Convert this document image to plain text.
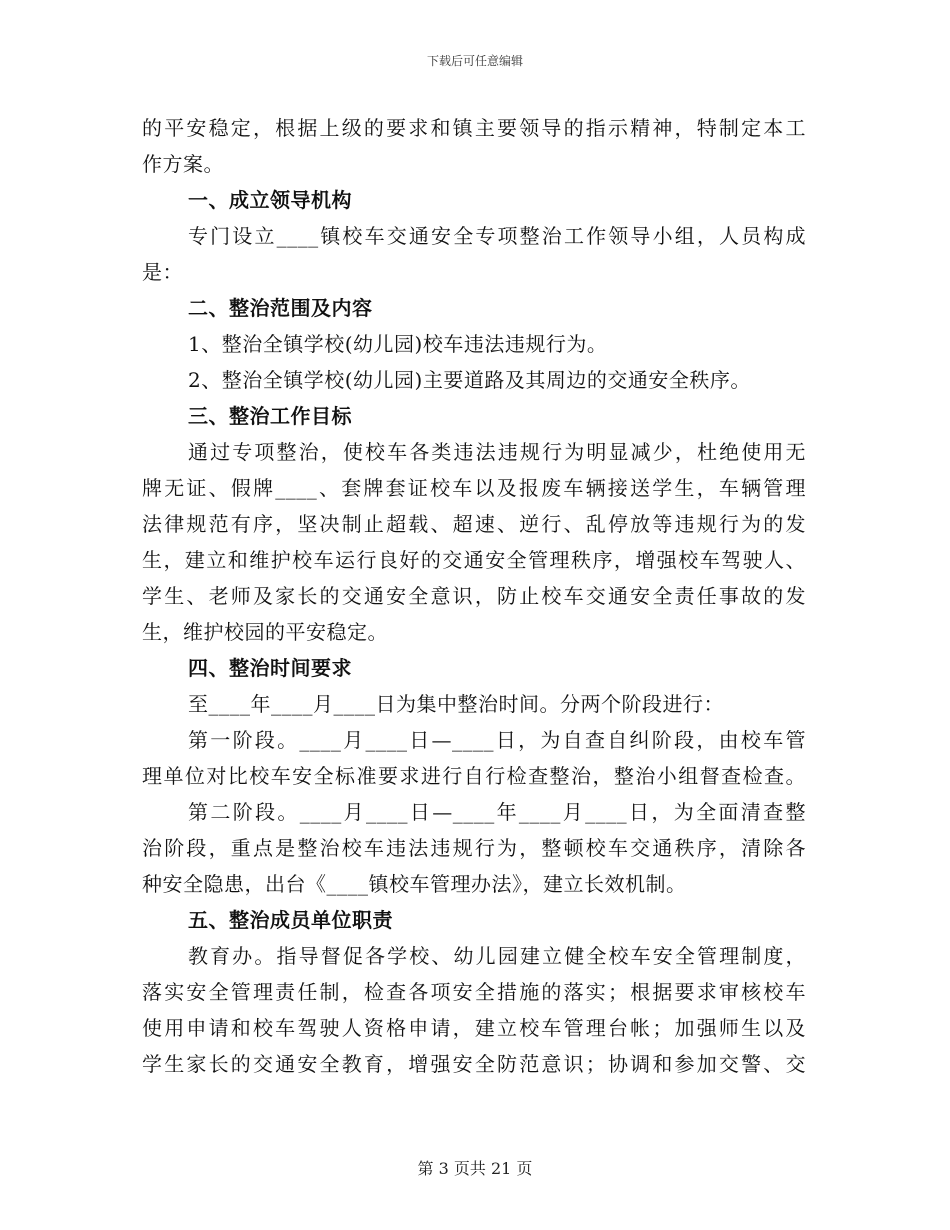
下载后可任意编辑
的平安稳定，根据上级的要求和镇主要领导的指示精神，特制定本工
作方案。
一、成立领导机构
专门设立____镇校车交通安全专项整治工作领导小组，人员构成
是：
二、整治范围及内容
1、整治全镇学校(幼儿园)校车违法违规行为。
2、整治全镇学校(幼儿园)主要道路及其周边的交通安全秩序。
三、整治工作目标
通过专项整治，使校车各类违法违规行为明显减少，杜绝使用无
牌无证、假牌____、套牌套证校车以及报废车辆接送学生，车辆管理
法律规范有序，坚决制止超载、超速、逆行、乱停放等违规行为的发
生，建立和维护校车运行良好的交通安全管理秩序，增强校车驾驶人、
学生、老师及家长的交通安全意识，防止校车交通安全责任事故的发
生，维护校园的平安稳定。
四、整治时间要求
至____年____月____日为集中整治时间。分两个阶段进行：
第一阶段。____月____日—____日，为自查自纠阶段，由校车管
理单位对比校车安全标准要求进行自行检查整治，整治小组督查检查。
第二阶段。____月____日—____年____月____日，为全面清查整
治阶段，重点是整治校车违法违规行为，整顿校车交通秩序，清除各
种安全隐患，出台《____镇校车管理办法》，建立长效机制。
五、整治成员单位职责
教育办。指导督促各学校、幼儿园建立健全校车安全管理制度，
落实安全管理责任制，检查各项安全措施的落实；根据要求审核校车
使用申请和校车驾驶人资格申请，建立校车管理台帐；加强师生以及
学生家长的交通安全教育，增强安全防范意识；协调和参加交警、交
第 3 页共 21 页
